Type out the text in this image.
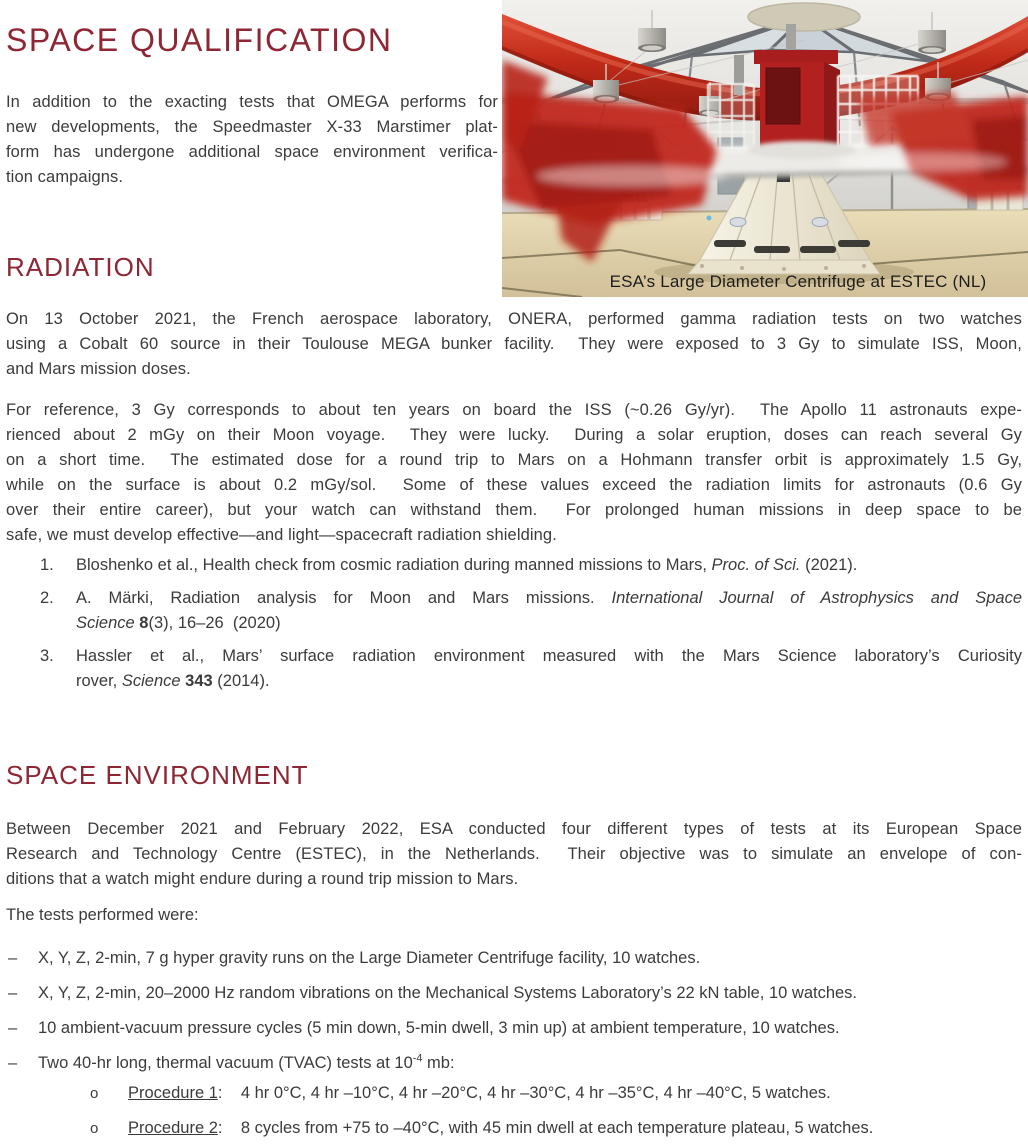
SPACE QUALIFICATION
In addition to the exacting tests that OMEGA performs for
new developments, the Speedmaster X-33 Marstimer plat-
form has undergone additional space environment verifica-
tion campaigns.
ESA’s Large Diameter Centrifuge at ESTEC (NL)
RADIATION
On 13 October 2021, the French aerospace laboratory, ONERA, performed gamma radiation tests on two watches
using a Cobalt 60 source in their Toulouse MEGA bunker facility.  They were exposed to 3 Gy to simulate ISS, Moon,
and Mars mission doses.
For reference, 3 Gy corresponds to about ten years on board the ISS (~0.26 Gy/yr).  The Apollo 11 astronauts expe-
rienced about 2 mGy on their Moon voyage.  They were lucky.  During a solar eruption, doses can reach several Gy
on a short time.  The estimated dose for a round trip to Mars on a Hohmann transfer orbit is approximately 1.5 Gy,
while on the surface is about 0.2 mGy/sol.  Some of these values exceed the radiation limits for astronauts (0.6 Gy
over their entire career), but your watch can withstand them.  For prolonged human missions in deep space to be
safe, we must develop effective—and light—spacecraft radiation shielding.
1.	Bloshenko et al., Health check from cosmic radiation during manned missions to Mars, Proc. of Sci. (2021).
2.	A. Märki, Radiation analysis for Moon and Mars missions. International Journal of Astrophysics and Space
Science 8(3), 16–26  (2020)
3.	Hassler et al., Mars’ surface radiation environment measured with the Mars Science laboratory’s Curiosity
rover, Science 343 (2014).
SPACE ENVIRONMENT
Between December 2021 and February 2022, ESA conducted four different types of tests at its European Space
Research and Technology Centre (ESTEC), in the Netherlands.  Their objective was to simulate an envelope of con-
ditions that a watch might endure during a round trip mission to Mars.
The tests performed were:
–	X, Y, Z, 2-min, 7 g hyper gravity runs on the Large Diameter Centrifuge facility, 10 watches.
–	X, Y, Z, 2-min, 20–2000 Hz random vibrations on the Mechanical Systems Laboratory’s 22 kN table, 10 watches.
–	10 ambient-vacuum pressure cycles (5 min down, 5-min dwell, 3 min up) at ambient temperature, 10 watches.
–	Two 40-hr long, thermal vacuum (TVAC) tests at $10^{-4}$ mb:
o	Procedure 1:    4 hr 0°C, 4 hr –10°C, 4 hr –20°C, 4 hr –30°C, 4 hr –35°C, 4 hr –40°C, 5 watches.
o	Procedure 2:    8 cycles from +75 to –40°C, with 45 min dwell at each temperature plateau, 5 watches.
